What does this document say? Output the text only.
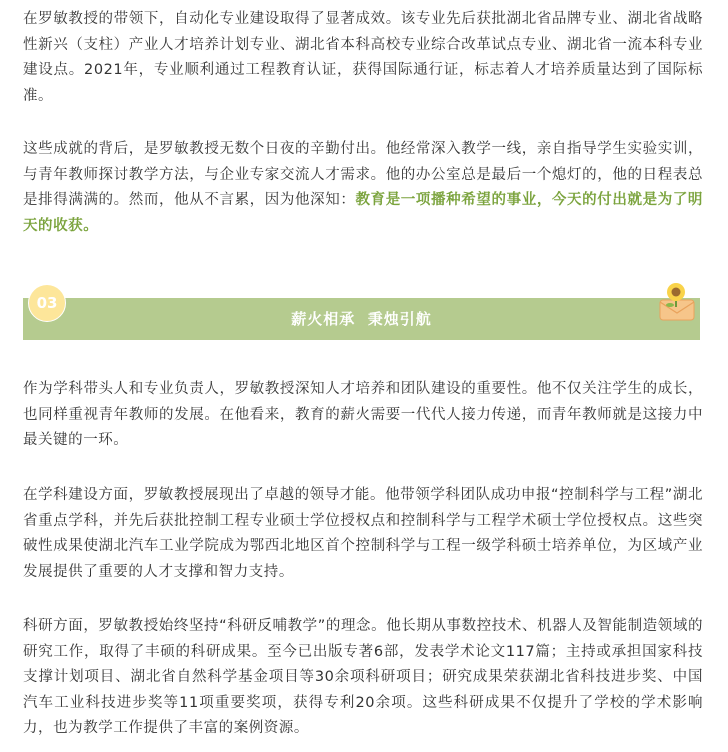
在罗敏教授的带领下，自动化专业建设取得了显著成效。该专业先后获批湖北省品牌专业、湖北省战略性新兴（支柱）产业人才培养计划专业、湖北省本科高校专业综合改革试点专业、湖北省一流本科专业建设点。2021年，专业顺利通过工程教育认证，获得国际通行证，标志着人才培养质量达到了国际标准。

这些成就的背后，是罗敏教授无数个日夜的辛勤付出。他经常深入教学一线，亲自指导学生实验实训，与青年教师探讨教学方法，与企业专家交流人才需求。他的办公室总是最后一个熄灯的，他的日程表总是排得满满的。然而，他从不言累，因为他深知：教育是一项播种希望的事业，今天的付出就是为了明天的收获。

薪火相承  秉烛引航
03

作为学科带头人和专业负责人，罗敏教授深知人才培养和团队建设的重要性。他不仅关注学生的成长，也同样重视青年教师的发展。在他看来，教育的薪火需要一代代人接力传递，而青年教师就是这接力中最关键的一环。

在学科建设方面，罗敏教授展现出了卓越的领导才能。他带领学科团队成功申报“控制科学与工程”湖北省重点学科，并先后获批控制工程专业硕士学位授权点和控制科学与工程学术硕士学位授权点。这些突破性成果使湖北汽车工业学院成为鄂西北地区首个控制科学与工程一级学科硕士培养单位，为区域产业发展提供了重要的人才支撑和智力支持。

科研方面，罗敏教授始终坚持“科研反哺教学”的理念。他长期从事数控技术、机器人及智能制造领域的研究工作，取得了丰硕的科研成果。至今已出版专著6部，发表学术论文117篇；主持或承担国家科技支撑计划项目、湖北省自然科学基金项目等30余项科研项目；研究成果荣获湖北省科技进步奖、中国汽车工业科技进步奖等11项重要奖项，获得专利20余项。这些科研成果不仅提升了学校的学术影响力，也为教学工作提供了丰富的案例资源。
